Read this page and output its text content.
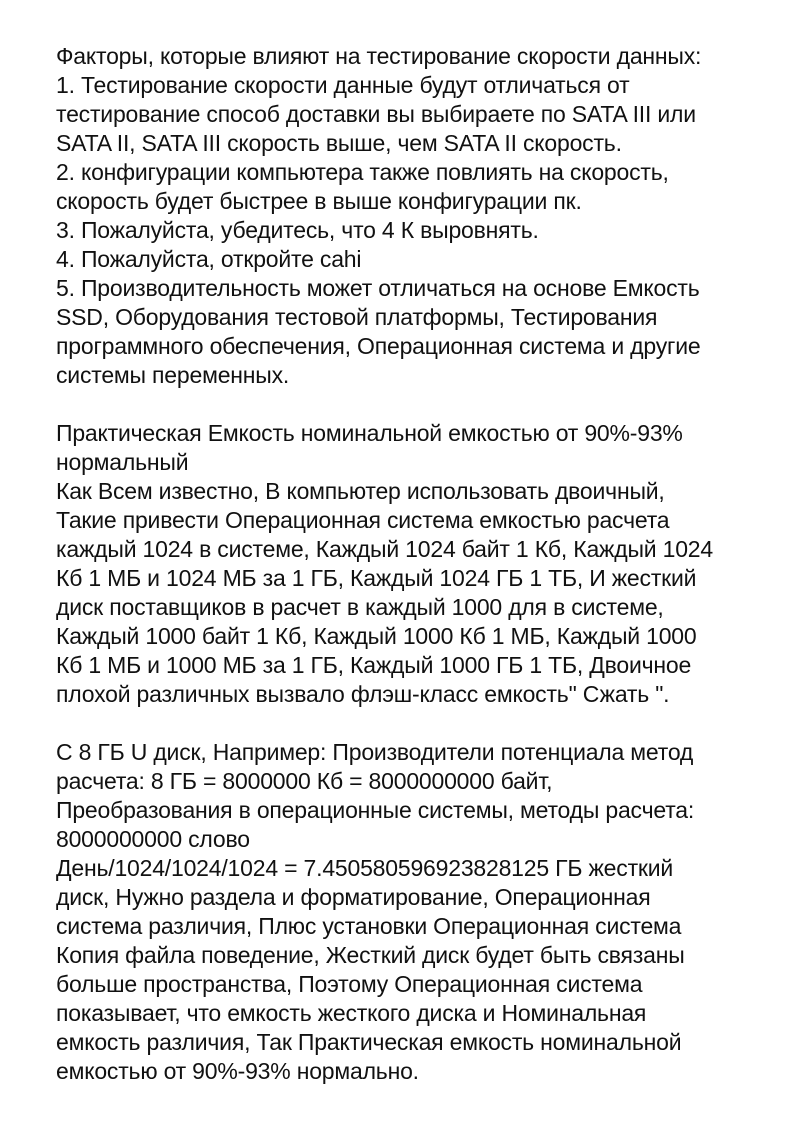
Факторы, которые влияют на тестирование скорости данных:
1. Тестирование скорости данные будут отличаться от
тестирование способ доставки вы выбираете по SATA III или
SATA II, SATA III скорость выше, чем SATA II скорость.
2. конфигурации компьютера также повлиять на скорость,
скорость будет быстрее в выше конфигурации пк.
3. Пожалуйста, убедитесь, что 4 К выровнять.
4. Пожалуйста, откройте cahi
5. Производительность может отличаться на основе Емкость
SSD, Оборудования тестовой платформы, Тестирования
программного обеспечения, Операционная система и другие
системы переменных.
Практическая Емкость номинальной емкостью от 90%-93%
нормальный
Как Всем известно, В компьютер использовать двоичный,
Такие привести Операционная система емкостью расчета
каждый 1024 в системе, Каждый 1024 байт 1 Кб, Каждый 1024
Кб 1 МБ и 1024 МБ за 1 ГБ, Каждый 1024 ГБ 1 ТБ, И жесткий
диск поставщиков в расчет в каждый 1000 для в системе,
Каждый 1000 байт 1 Кб, Каждый 1000 Кб 1 МБ, Каждый 1000
Кб 1 МБ и 1000 МБ за 1 ГБ, Каждый 1000 ГБ 1 ТБ, Двоичное
плохой различных вызвало флэш-класс емкость" Сжать ".
С 8 ГБ U диск, Например: Производители потенциала метод
расчета: 8 ГБ = 8000000 Кб = 8000000000 байт,
Преобразования в операционные системы, методы расчета:
8000000000 слово
День/1024/1024/1024 = 7.450580596923828125 ГБ жесткий
диск, Нужно раздела и форматирование, Операционная
система различия, Плюс установки Операционная система
Копия файла поведение, Жесткий диск будет быть связаны
больше пространства, Поэтому Операционная система
показывает, что емкость жесткого диска и Номинальная
емкость различия, Так Практическая емкость номинальной
емкостью от 90%-93% нормально.
